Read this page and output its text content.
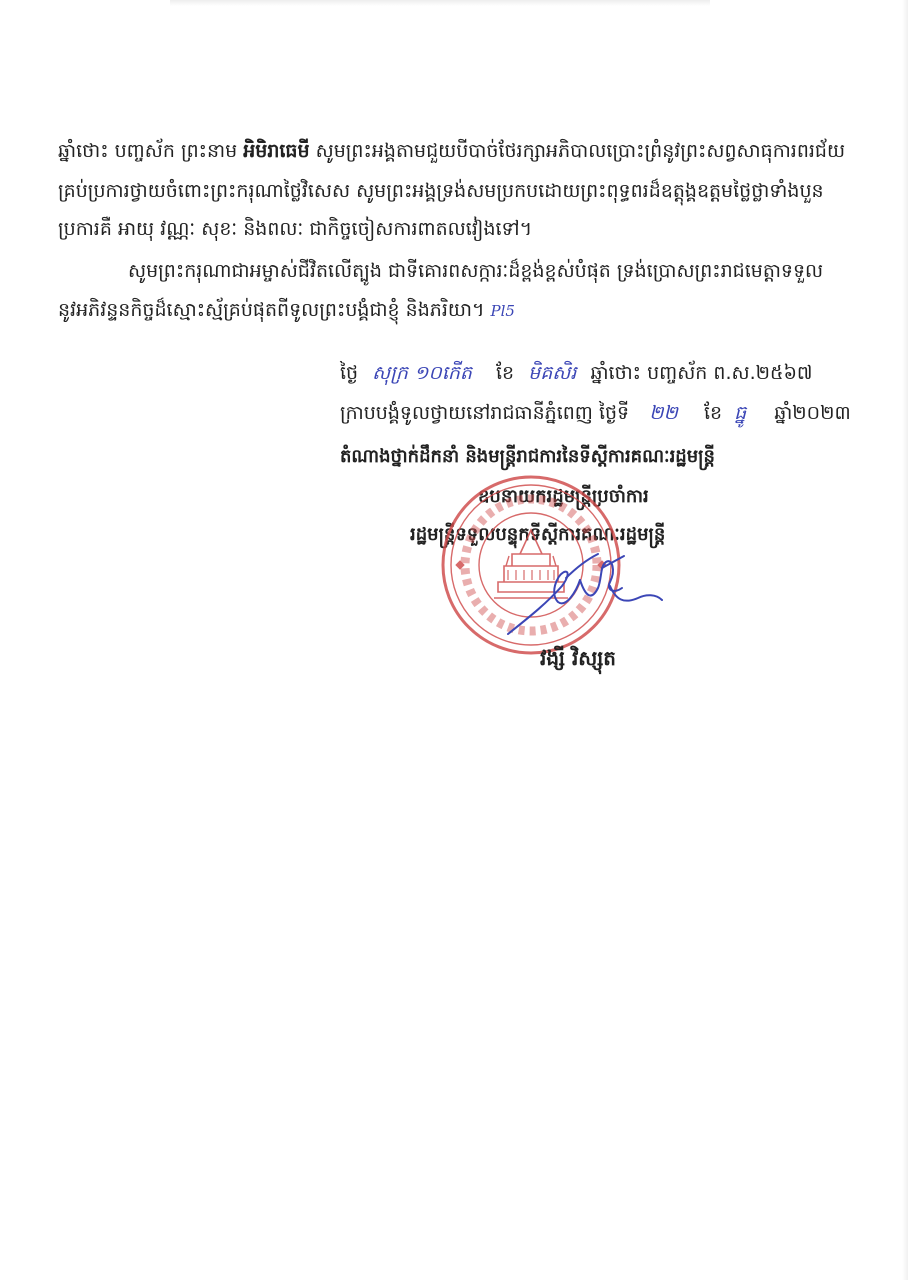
ឆ្នាំថោះ បញ្ចស័ក ព្រះនាម អិមិរាធេមី សូមព្រះអង្គតាមជួយបីបាច់ថែរក្សាអភិបាលប្រោះព្រំនូវព្រះសព្វសាធុការពរជ័យ
គ្រប់ប្រការថ្វាយចំពោះព្រះករុណាថ្លៃវិសេស សូមព្រះអង្គទ្រង់សមប្រកបដោយព្រះពុទ្ធពរដ៏ឧត្តុង្គឧត្តមថ្លៃថ្លាទាំងបួន
ប្រការគឺ អាយុ វណ្ណៈ សុខៈ និងពលៈ ជាកិច្ចចៀសការពាតលវៀងទៅ។
សូមព្រះករុណាជាអម្ចាស់ជីវិតលើត្បូង ជាទីគោរពសក្ការៈដ៏ខ្ពង់ខ្ពស់បំផុត ទ្រង់ប្រោសព្រះរាជមេត្តាទទួល
នូវអភិវន្ទនកិច្ចដ៏ស្មោះស្ម័គ្រប់ផុតពីទូលព្រះបង្គំជាខ្ញុំ និងភរិយា។ Pl5
ថ្ងៃ សុក្រ ១០កើត ខែ មិគសិរ ឆ្នាំថោះ បញ្ចស័ក ព.ស.២៥៦៧
ក្រាបបង្គំទូលថ្វាយនៅរាជធានីភ្នំពេញ ថ្ងៃទី ២២ ខែ ធ្នូ ឆ្នាំ២០២៣
តំណាងថ្នាក់ដឹកនាំ និងមន្ត្រីរាជការនៃទីស្តីការគណៈរដ្ឋមន្ត្រី
ឧបនាយករដ្ឋមន្ត្រីប្រចាំការ
រដ្ឋមន្ត្រីទទួលបន្ទុកទីស្តីការគណៈរដ្ឋមន្ត្រី
វង្សី វិស្សុត
